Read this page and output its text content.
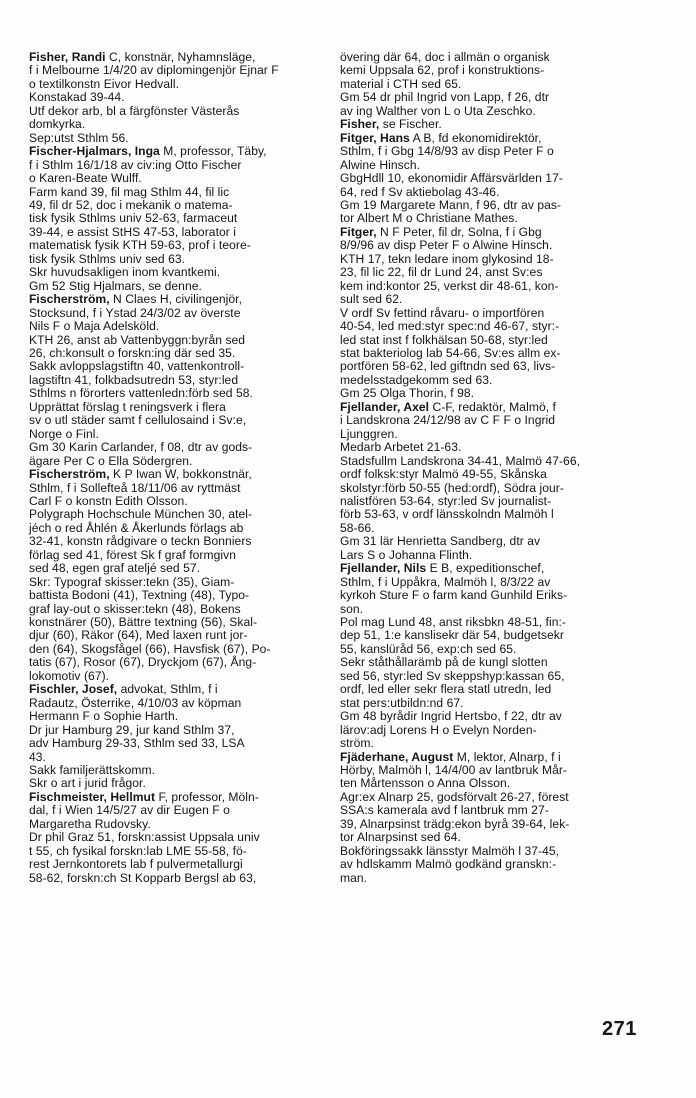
Fisher, Randi C, konstnär, Nyhamnsläge,

f i Melbourne 1/4/20 av diplomingenjör Ejnar F

o textilkonstn Eivor Hedvall.

Konstakad 39-44.

Utf dekor arb, bl a färgfönster Västerås

domkyrka.

Sep:utst Sthlm 56.

Fischer-Hjalmars, Inga M, professor, Täby,

f i Sthlm 16/1/18 av civ:ing Otto Fischer

o Karen-Beate Wulff.

Farm kand 39, fil mag Sthlm 44, fil lic

49, fil dr 52, doc i mekanik o matema-

tisk fysik Sthlms univ 52-63, farmaceut

39-44, e assist StHS 47-53, laborator i

matematisk fysik KTH 59-63, prof i teore-

tisk fysik Sthlms univ sed 63.

Skr huvudsakligen inom kvantkemi.

Gm 52 Stig Hjalmars, se denne.

Fischerström, N Claes H, civilingenjör,

Stocksund, f i Ystad 24/3/02 av överste

Nils F o Maja Adelsköld.

KTH 26, anst ab Vattenbyggn:byrån sed

26, ch:konsult o forskn:ing där sed 35.

Sakk avloppslagstiftn 40, vattenkontroll-

lagstiftn 41, folkbadsutredn 53, styr:led

Sthlms n förorters vattenledn:förb sed 58.

Upprättat förslag t reningsverk i flera

sv o utl städer samt f cellulosaind i Sv:e,

Norge o Finl.

Gm 30 Karin Carlander, f 08, dtr av gods-

ägare Per C o Ella Södergren.

Fischerström, K P Iwan W, bokkonstnär,

Sthlm, f i Sollefteå 18/11/06 av ryttmäst

Carl F o konstn Edith Olsson.

Polygraph Hochschule München 30, atel-

jéch o red Åhlén & Åkerlunds förlags ab

32-41, konstn rådgivare o teckn Bonniers

förlag sed 41, förest Sk f graf formgivn

sed 48, egen graf ateljé sed 57.

Skr: Typograf skisser:tekn (35), Giam-

battista Bodoni (41), Textning (48), Typo-

graf lay-out o skisser:tekn (48), Bokens

konstnärer (50), Bättre textning (56), Skal-

djur (60), Räkor (64), Med laxen runt jor-

den (64), Skogsfågel (66), Havsfisk (67), Po-

tatis (67), Rosor (67), Dryckjom (67), Ång-

lokomotiv (67).

Fischler, Josef, advokat, Sthlm, f i

Radautz, Österrike, 4/10/03 av köpman

Hermann F o Sophie Harth.

Dr jur Hamburg 29, jur kand Sthlm 37,

adv Hamburg 29-33, Sthlm sed 33, LSA

43.

Sakk familjerättskomm.

Skr o art i jurid frågor.

Fischmeister, Hellmut F, professor, Möln-

dal, f i Wien 14/5/27 av dir Eugen F o

Margaretha Rudovsky.

Dr phil Graz 51, forskn:assist Uppsala univ

t 55, ch fysikal forskn:lab LME 55-58, fö-

rest Jernkontorets lab f pulvermetallurgi

58-62, forskn:ch St Kopparb Bergsl ab 63,

övering där 64, doc i allmän o organisk

kemi Uppsala 62, prof i konstruktions-

material i CTH sed 65.

Gm 54 dr phil Ingrid von Lapp, f 26, dtr

av ing Walther von L o Uta Zeschko.

Fisher, se Fischer.

Fitger, Hans A B, fd ekonomidirektör,

Sthlm, f i Gbg 14/8/93 av disp Peter F o

Alwine Hinsch.

GbgHdll 10, ekonomidir Affärsvärlden 17-

64, red f Sv aktiebolag 43-46.

Gm 19 Margarete Mann, f 96, dtr av pas-

tor Albert M o Christiane Mathes.

Fitger, N F Peter, fil dr, Solna, f i Gbg

8/9/96 av disp Peter F o Alwine Hinsch.

KTH 17, tekn ledare inom glykosind 18-

23, fil lic 22, fil dr Lund 24, anst Sv:es

kem ind:kontor 25, verkst dir 48-61, kon-

sult sed 62.

V ordf Sv fettind råvaru- o importfören

40-54, led med:styr spec:nd 46-67, styr:-

led stat inst f folkhälsan 50-68, styr:led

stat bakteriolog lab 54-66, Sv:es allm ex-

portfören 58-62, led giftndn sed 63, livs-

medelsstadgekomm sed 63.

Gm 25 Olga Thorin, f 98.

Fjellander, Axel C-F, redaktör, Malmö, f

i Landskrona 24/12/98 av C F F o Ingrid

Ljunggren.

Medarb Arbetet 21-63.

Stadsfullm Landskrona 34-41, Malmö 47-66,

ordf folksk:styr Malmö 49-55, Skånska

skolstyr:förb 50-55 (hed:ordf), Södra jour-

nalistfören 53-64, styr:led Sv journalist-

förb 53-63, v ordf länsskolndn Malmöh l

58-66.

Gm 31 lär Henrietta Sandberg, dtr av

Lars S o Johanna Flinth.

Fjellander, Nils E B, expeditionschef,

Sthlm, f i Uppåkra, Malmöh l, 8/3/22 av

kyrkoh Sture F o farm kand Gunhild Eriks-

son.

Pol mag Lund 48, anst riksbkn 48-51, fin:-

dep 51, 1:e kanslisekr där 54, budgetsekr

55, kanslüråd 56, exp:ch sed 65.

Sekr ståthållarämb på de kungl slotten

sed 56, styr:led Sv skeppshyp:kassan 65,

ordf, led eller sekr flera statl utredn, led

stat pers:utbildn:nd 67.

Gm 48 byrådir Ingrid Hertsbo, f 22, dtr av

lärov:adj Lorens H o Evelyn Norden-

ström.

Fjäderhane, August M, lektor, Alnarp, f i

Hörby, Malmöh l, 14/4/00 av lantbruk Mår-

ten Mårtensson o Anna Olsson.

Agr:ex Alnarp 25, godsförvalt 26-27, förest

SSA:s kamerala avd f lantbruk mm 27-

39, Alnarpsinst trädg:ekon byrå 39-64, lek-

tor Alnarpsinst sed 64.

Bokföringssakk länsstyr Malmöh l 37-45,

av hdlskamm Malmö godkänd granskn:-

man.

271
